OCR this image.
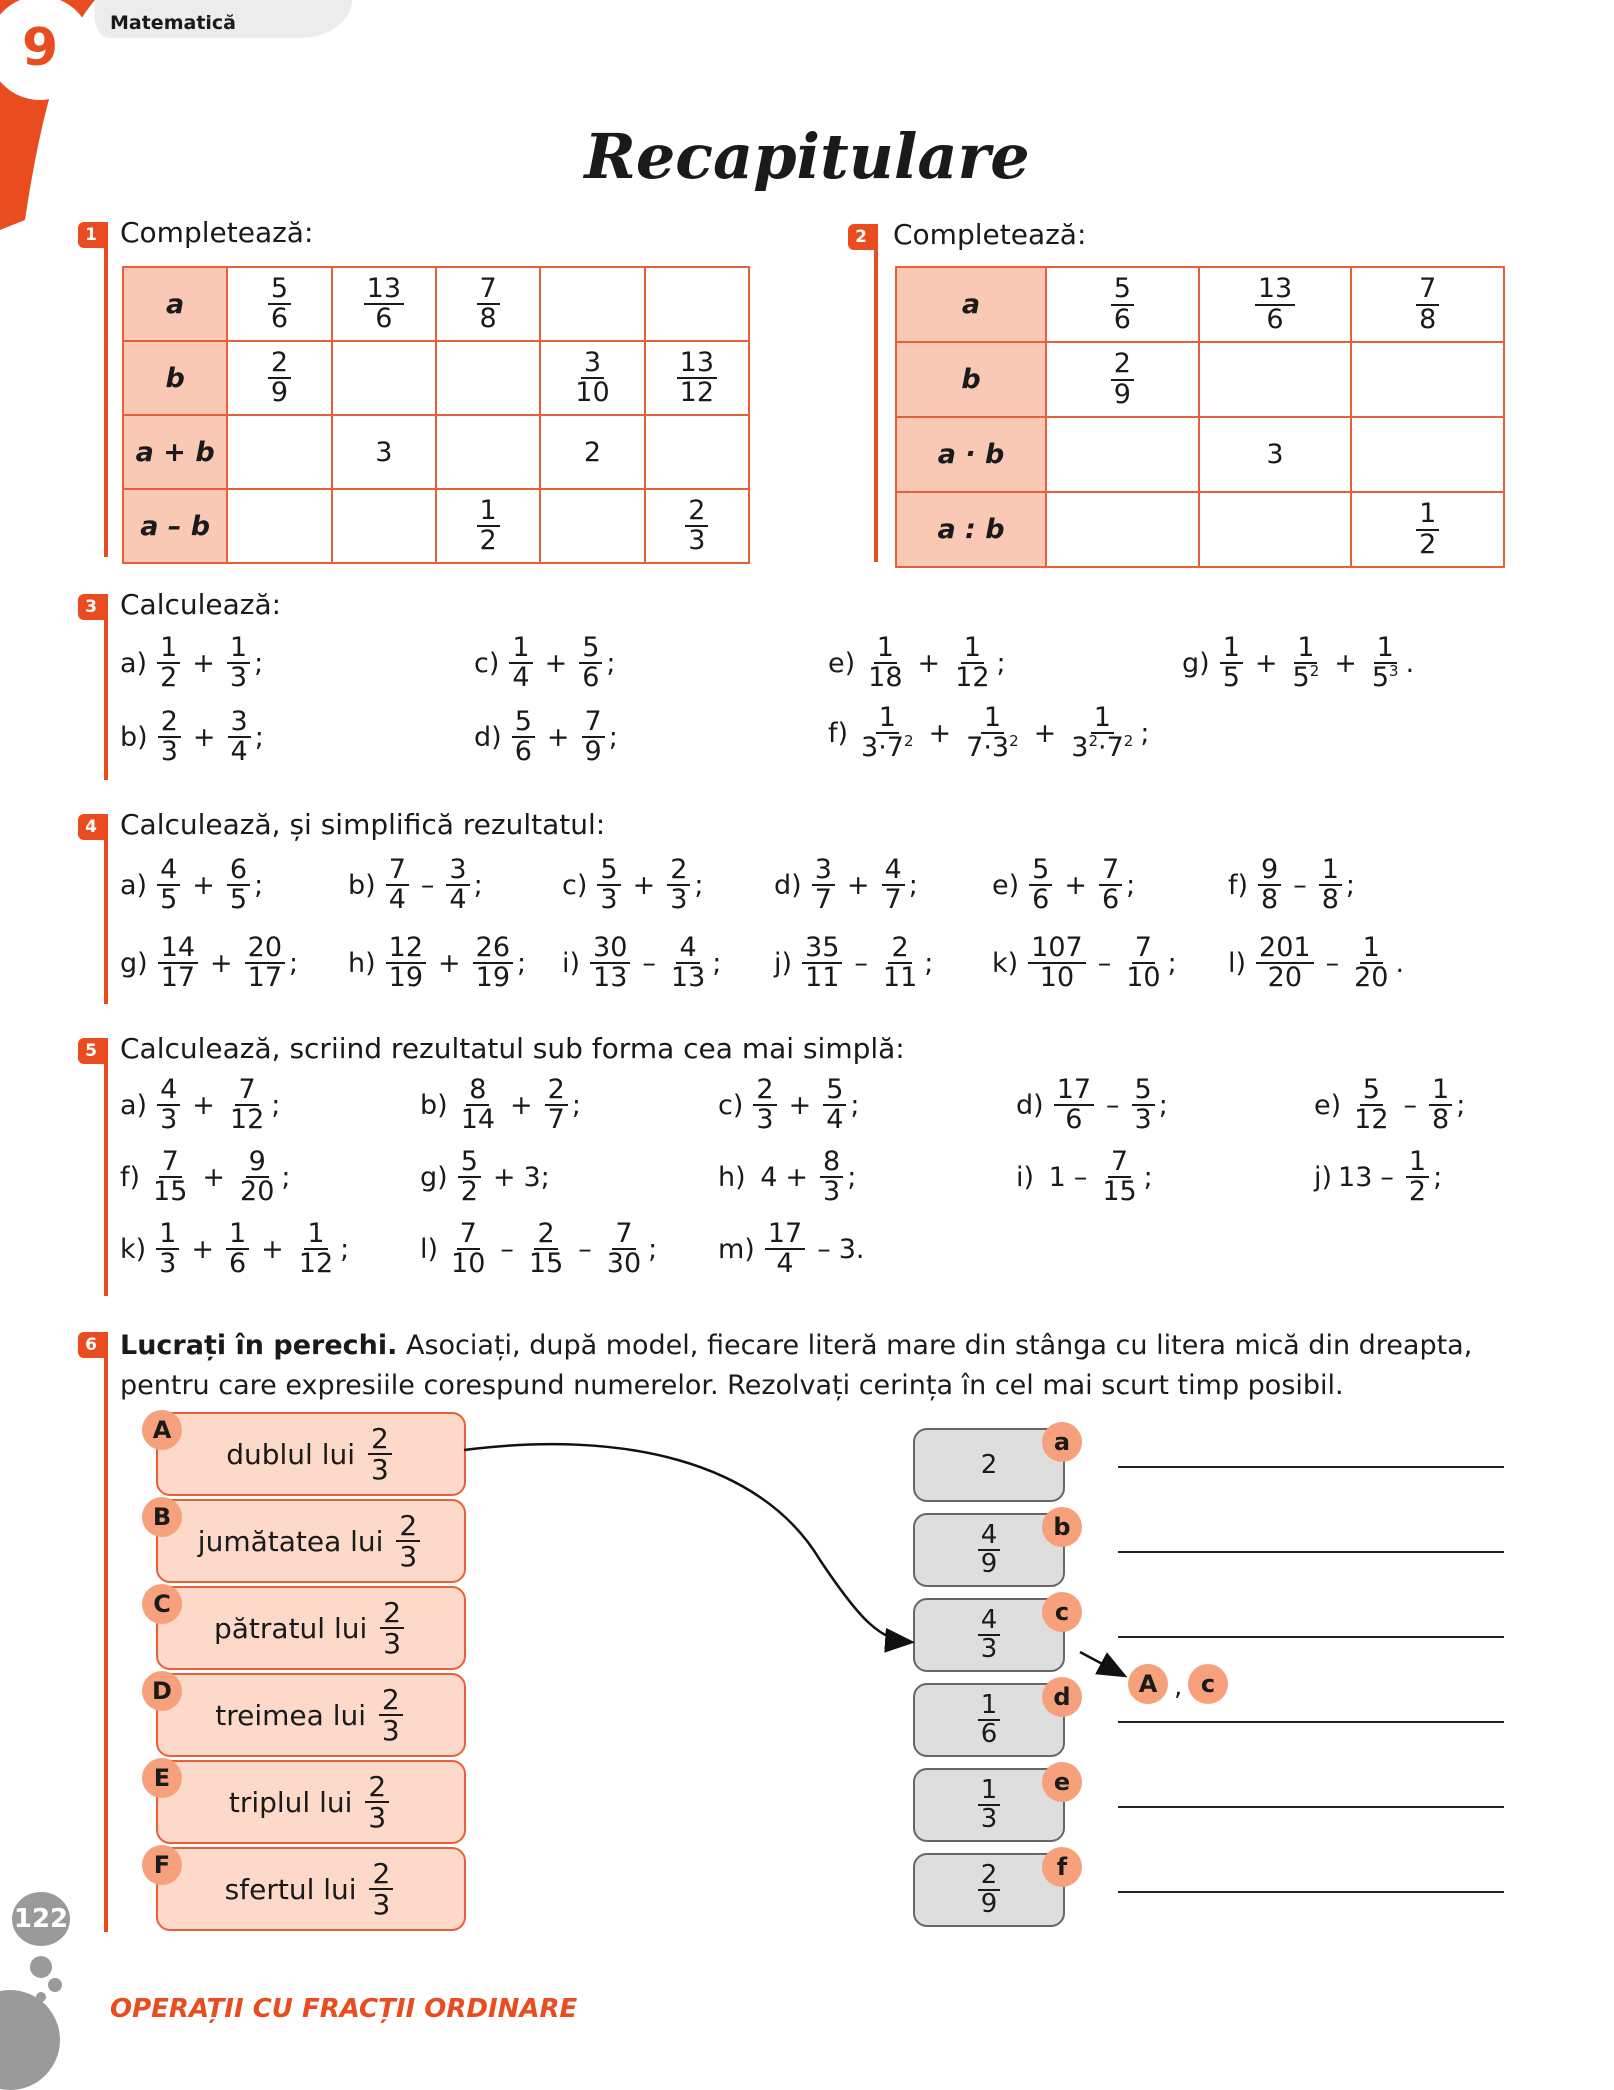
9	Matematică
Recapitulare
1 Completează:
a	$\frac{5}{6}$	$\frac{13}{6}$	$\frac{7}{8}$

b	$\frac{2}{9}$			$\frac{3}{10}$	$\frac{13}{12}$

a + b		3		2	
a – b			$\frac{1}{2}$		$\frac{2}{3}$
2 Completează:
a	$\frac{5}{6}$	$\frac{13}{6}$	$\frac{7}{8}$

b	$\frac{2}{9}$

a · b		3	
a : b			$\frac{1}{2}$
3 Calculează:
a)
1
$2 + \frac{1}{3}$ ;
b)
2
$3 + \frac{3}{4}$ ;
c)
1
$4 + \frac{5}{6}$ ;
d)
5
$6 + \frac{7}{9}$ ;
e)
1
$18 + \frac{1}{12}$ ;
f)
1
$3\cdot 7^2 + \frac{1}{7\cdot 3^2} + \frac{1}{3^2\cdot 7^2}$ ;
g)
1
$5 + \frac{1}{5^2} + \frac{1}{5^3}$ .
4 Calculează, și simplifică rezultatul:
a)
4
$5 + \frac{6}{5}$ ;	b)
7
4 –
3
4 ;	c)
5
$3 + \frac{2}{3}$ ;	d)
3
$7 + \frac{4}{7}$ ;	e)
5
$6 + \frac{7}{6}$ ;	f)
9
8 –
1
8 ;
g)
14
$17 + \frac{20}{17}$ ; h)
12
$19 + \frac{26}{19}$ ; i)
30
13 –
4
13 ; j)
35
11 –
2
11 ; k)
107
10 –
7
10 ; l)
201
20 –
1
20 .
5 Calculează, scriind rezultatul sub forma cea mai simplă:
a)
4
$3 + \frac{7}{12}$ ;	b)
8
$14 + \frac{2}{7}$ ;	c)
2
$3 + \frac{5}{4}$ ;	d)
17
6 –
5
3 ;	e)
5
12 –
1
8 ;
f)
7
$15 + \frac{9}{20}$ ;	g)
5
2 + 3;	h) $4 + \frac{8}{3}$ ;	i) 1 –
7
15 ;	j) 13 –
1
2 ;
k)
1
$3 + \frac{1}{6} + \frac{1}{12}$ ;	l)
7
10 –
2
15 –
7
30 ; m)
17
4 – 3.
6 Lucrați în perechi. Asociați, după model, fiecare literă mare din stânga cu litera mică din dreapta, pentru care expresiile corespund numerelor. Rezolvați cerința în cel mai scurt timp posibil.
dublul lui
2
3
A
jumătatea lui
2
3
B
pătratul lui
2
3
C
treimea lui
2
3
D
triplul lui
2
3
E
sfertul lui
2
3
F
2
a
4
9
b
4
3
c
1
6
d
1
3
e
2
9
f
A , c
122
OPERAȚII CU FRACȚII ORDINARE
